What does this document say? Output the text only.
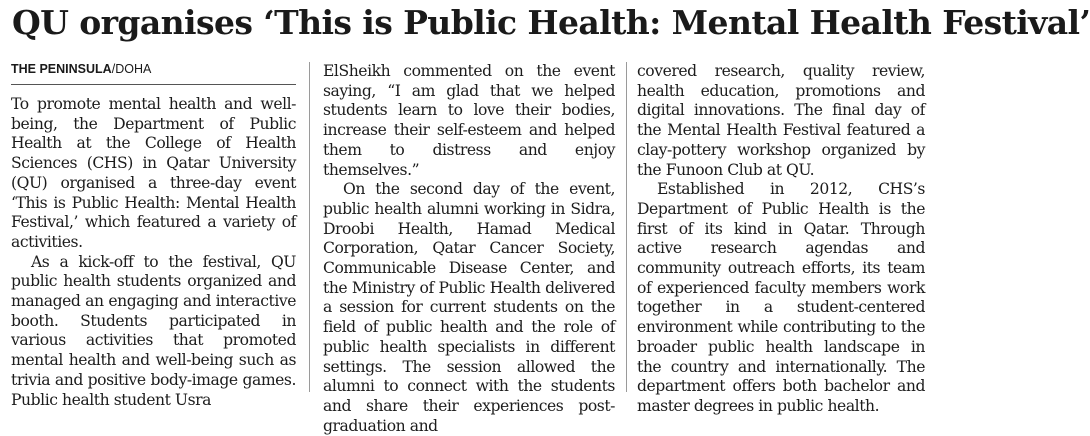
QU organises ‘This is Public Health: Mental Health Festival’
THE PENINSULA/DOHA

To promote mental health and well-being, the Department of Public Health at the College of Health Sciences (CHS) in Qatar University (QU) organised a three-day event ‘This is Public Health: Mental Health Festival,’ which featured a variety of activities.

As a kick-off to the festival, QU public health students organized and managed an engaging and interactive booth. Students participated in various activities that promoted mental health and well-being such as trivia and positive body-image games. Public health student Usra

ElSheikh commented on the event saying, “I am glad that we helped students learn to love their bodies, increase their self-esteem and helped them to distress and enjoy themselves.”

On the second day of the event, public health alumni working in Sidra, Droobi Health, Hamad Medical Corporation, Qatar Cancer Society, Communicable Disease Center, and the Ministry of Public Health delivered a session for current students on the field of public health and the role of public health specialists in different settings. The session allowed the alumni to connect with the students and share their experiences post-graduation and

covered research, quality review, health education, promotions and digital innovations. The final day of the Mental Health Festival featured a clay-pottery workshop organized by the Funoon Club at QU.

Established in 2012, CHS’s Department of Public Health is the first of its kind in Qatar. Through active research agendas and community outreach efforts, its team of experienced faculty members work together in a student-centered environment while contributing to the broader public health landscape in the country and internationally. The department offers both bachelor and master degrees in public health.
